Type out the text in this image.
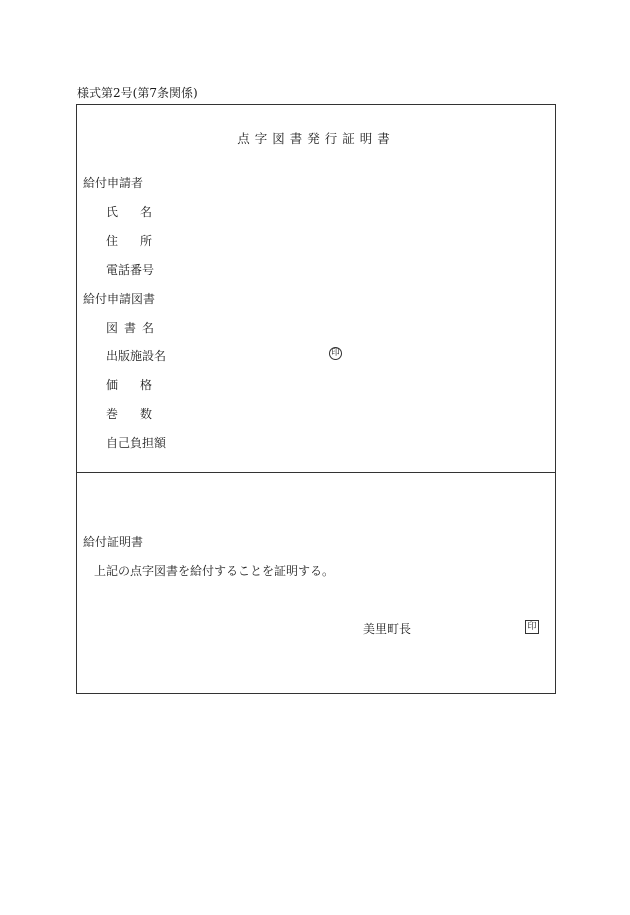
様式第2号(第7条関係)
点字図書発行証明書
給付申請者
氏名
住所
電話番号
給付申請図書
図書名
出版施設名	印
価格
巻数
自己負担額
給付証明書
上記の点字図書を給付することを証明する。
美里町長	印
